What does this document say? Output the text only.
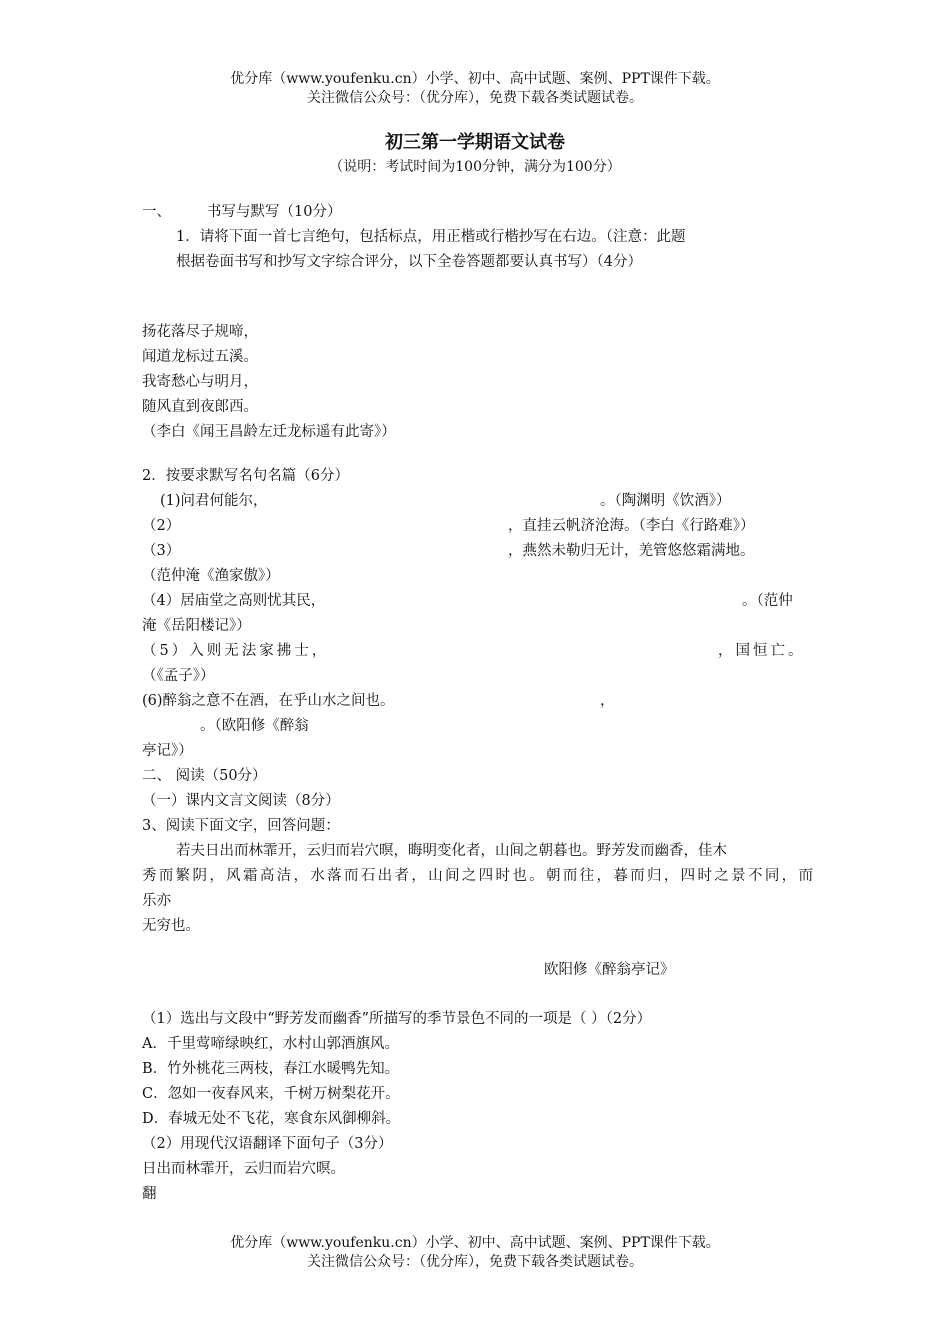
优分库（www.youfenku.cn）小学、初中、高中试题、案例、PPT课件下载。
关注微信公众号：（优分库），免费下载各类试题试卷。
初三第一学期语文试卷
（说明：考试时间为100分钟，满分为100分）
一、 书写与默写（10分）
1．请将下面一首七言绝句，包括标点，用正楷或行楷抄写在右边。（注意：此题
根据卷面书写和抄写文字综合评分，以下全卷答题都要认真书写）（4分）
扬花落尽子规啼，
闻道龙标过五溪。
我寄愁心与明月，
随风直到夜郎西。
（李白《闻王昌龄左迁龙标遥有此寄》）
2．按要求默写名句名篇（6分）
(1)问君何能尔，	。（陶渊明《饮酒》）
（2）	，直挂云帆济沧海。（李白《行路难》）
（3）	，燕然未勒归无计，羌管悠悠霜满地。
（范仲淹《渔家傲》）
（4）居庙堂之高则忧其民，	。（范仲
淹《岳阳楼记》）
（5）入则无法家拂士，	，国恒亡。
（《孟子》）
(6)醉翁之意不在酒，在乎山水之间也。	，
。（欧阳修《醉翁
亭记》）
二、 阅读（50分）
（一）课内文言文阅读（8分）
3、阅读下面文字，回答问题：
若夫日出而林霏开，云归而岩穴暝，晦明变化者，山间之朝暮也。野芳发而幽香，佳木
秀而繁阴，风霜高洁，水落而石出者，山间之四时也。朝而往，暮而归，四时之景不同，而
乐亦
无穷也。
欧阳修《醉翁亭记》
（1）选出与文段中“野芳发而幽香”所描写的季节景色不同的一项是（ ）（2分）
A．千里莺啼绿映红，水村山郭酒旗风。
B．竹外桃花三两枝，春江水暖鸭先知。
C．忽如一夜春风来，千树万树梨花开。
D．春城无处不飞花，寒食东风御柳斜。
（2）用现代汉语翻译下面句子（3分）
日出而林霏开，云归而岩穴暝。
翻
优分库（www.youfenku.cn）小学、初中、高中试题、案例、PPT课件下载。
关注微信公众号：（优分库），免费下载各类试题试卷。
